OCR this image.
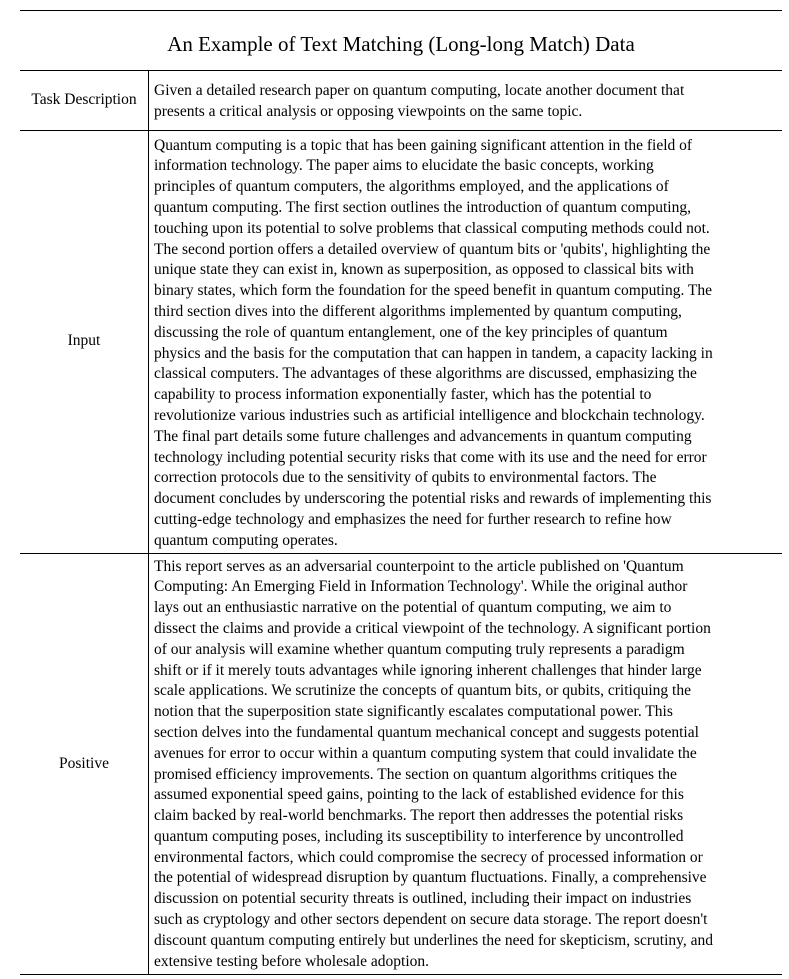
An Example of Text Matching (Long-long Match) Data
Task Description
Given a detailed research paper on quantum computing, locate another document that
presents a critical analysis or opposing viewpoints on the same topic.
Input
Quantum computing is a topic that has been gaining significant attention in the field of
information technology. The paper aims to elucidate the basic concepts, working
principles of quantum computers, the algorithms employed, and the applications of
quantum computing. The first section outlines the introduction of quantum computing,
touching upon its potential to solve problems that classical computing methods could not.
The second portion offers a detailed overview of quantum bits or 'qubits', highlighting the
unique state they can exist in, known as superposition, as opposed to classical bits with
binary states, which form the foundation for the speed benefit in quantum computing. The
third section dives into the different algorithms implemented by quantum computing,
discussing the role of quantum entanglement, one of the key principles of quantum
physics and the basis for the computation that can happen in tandem, a capacity lacking in
classical computers. The advantages of these algorithms are discussed, emphasizing the
capability to process information exponentially faster, which has the potential to
revolutionize various industries such as artificial intelligence and blockchain technology.
The final part details some future challenges and advancements in quantum computing
technology including potential security risks that come with its use and the need for error
correction protocols due to the sensitivity of qubits to environmental factors. The
document concludes by underscoring the potential risks and rewards of implementing this
cutting-edge technology and emphasizes the need for further research to refine how
quantum computing operates.
Positive
This report serves as an adversarial counterpoint to the article published on 'Quantum
Computing: An Emerging Field in Information Technology'. While the original author
lays out an enthusiastic narrative on the potential of quantum computing, we aim to
dissect the claims and provide a critical viewpoint of the technology. A significant portion
of our analysis will examine whether quantum computing truly represents a paradigm
shift or if it merely touts advantages while ignoring inherent challenges that hinder large
scale applications. We scrutinize the concepts of quantum bits, or qubits, critiquing the
notion that the superposition state significantly escalates computational power. This
section delves into the fundamental quantum mechanical concept and suggests potential
avenues for error to occur within a quantum computing system that could invalidate the
promised efficiency improvements. The section on quantum algorithms critiques the
assumed exponential speed gains, pointing to the lack of established evidence for this
claim backed by real-world benchmarks. The report then addresses the potential risks
quantum computing poses, including its susceptibility to interference by uncontrolled
environmental factors, which could compromise the secrecy of processed information or
the potential of widespread disruption by quantum fluctuations. Finally, a comprehensive
discussion on potential security threats is outlined, including their impact on industries
such as cryptology and other sectors dependent on secure data storage. The report doesn't
discount quantum computing entirely but underlines the need for skepticism, scrutiny, and
extensive testing before wholesale adoption.
